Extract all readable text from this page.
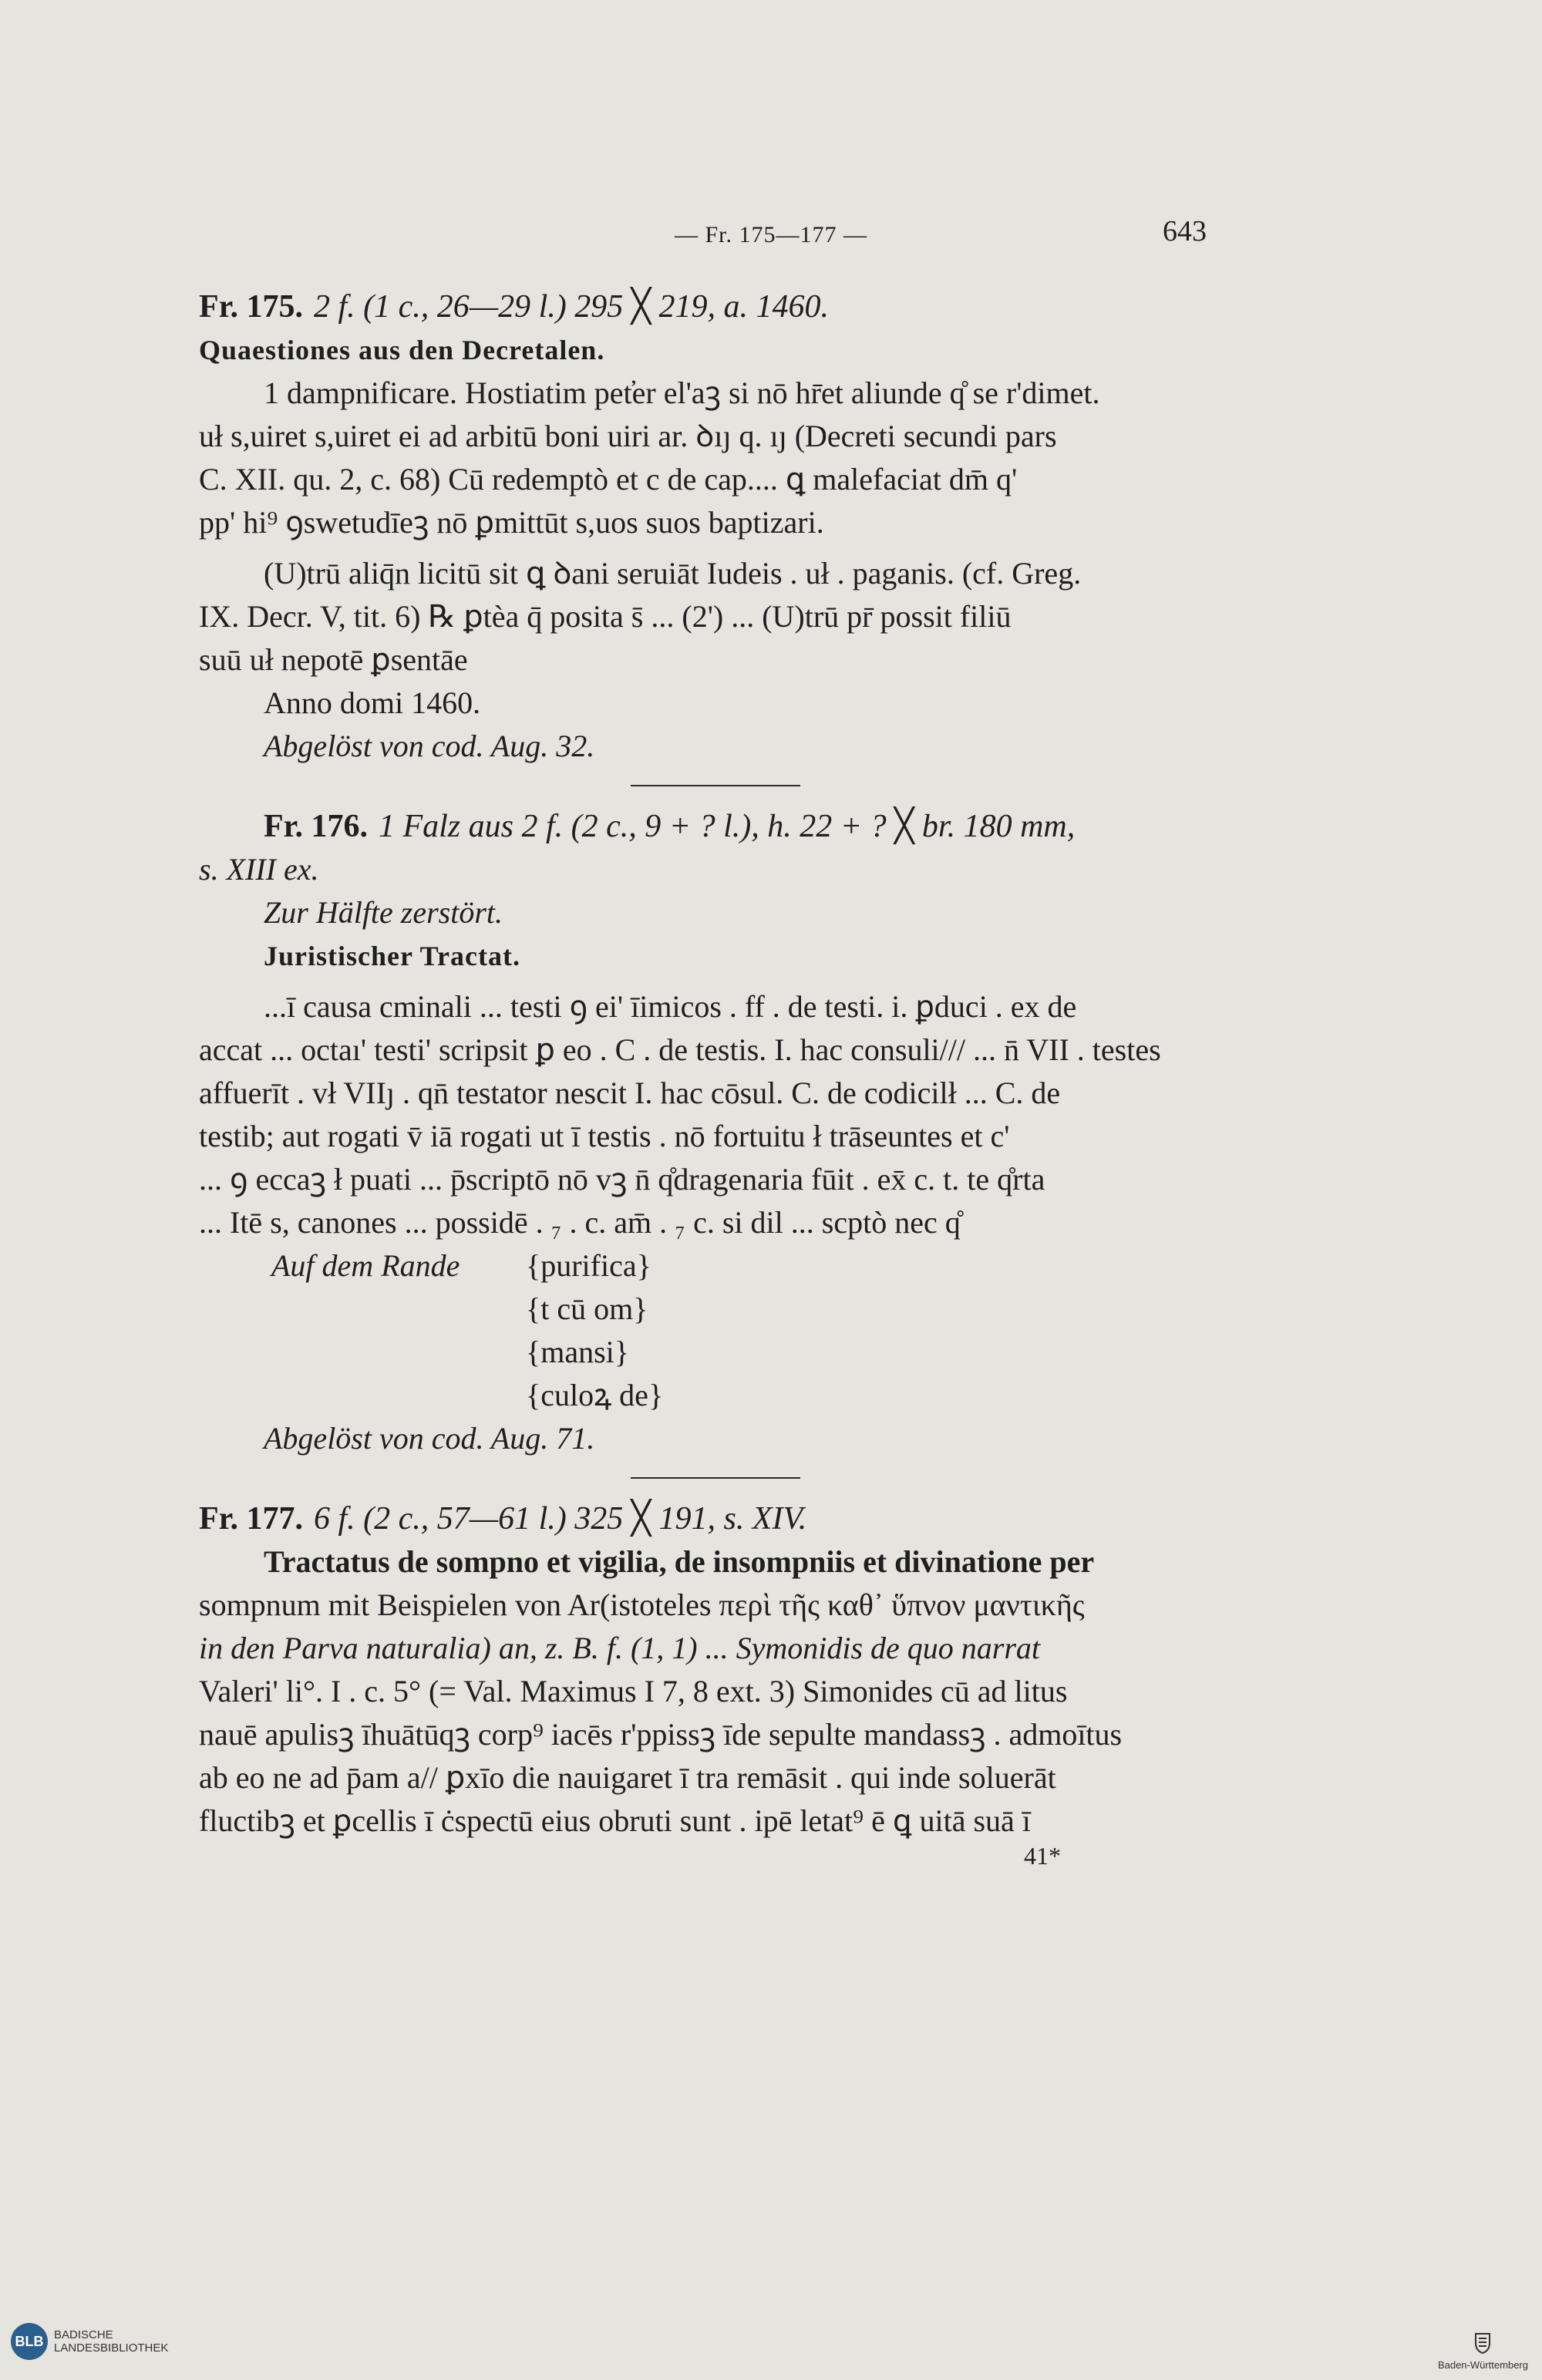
— Fr. 175—177 —	643
Fr. 175. 2 f. (1 c., 26—29 l.) 295 ╳ 219, a. 1460.
Quaestiones aus den Decretalen.
1 dampnificare. Hostiatim pet̕er el'aꝫ si nō hr̄et aliunde q̊ se r'dimet.
uł s,uiret s,uiret ei ad arbitū boni uiri ar. ꝺıȷ q. ıȷ (Decreti secundi pars
C. XII. qu. 2, c. 68) Cū redemptò et c de cap.... ꝗ malefaciat dm̄ q'
pp' hi⁹ ꝯswetudīeꝫ nō ꝑmittūt s,uos suos baptizari.
(U)trū aliq̄n licitū sit ꝗ ꝺani seruiāt Iudeis . uł . paganis. (cf. Greg.
IX. Decr. V, tit. 6) ℞ ꝑtèa q̄ posita s̄ ... (2') ... (U)trū pr̄ possit filiū
suū uł nepotē ꝑsentāe
Anno domi 1460.
Abgelöst von cod. Aug. 32.
Fr. 176. 1 Falz aus 2 f. (2 c., 9 + ? l.), h. 22 + ? ╳ br. 180 mm,
s. XIII ex.
Zur Hälfte zerstört.
Juristischer Tractat.
...ī causa cminali ... testi ꝯ ei' īimicos . ff . de testi. i. ꝑduci . ex de
accat ... octaı' testi' scripsit ꝑ eo . C . de testis. I. hac consuli/// ... n̄ VII . testes
affuerīt . vł VIIȷ . qn̄ testator nescit I. hac cōsul. C. de codicilł ... C. de
testib; aut rogati v̄ iā rogati ut ī testis . nō fortuitu ł trāseuntes et c'
... ꝯ eccaꝫ ł puati ... p̄scriptō nō vꝫ n̄ q̊dragenaria fūit . ex̄ c. t. te q̊rta
... Itē s, canones ... possidē . ₇ . c. am̄ . ₇ c. si dil ... scptò nec q̊
Auf dem Rande	{purifica}
{t cū om}
{mansi}
{culoꝝ de}
Abgelöst von cod. Aug. 71.
Fr. 177. 6 f. (2 c., 57—61 l.) 325 ╳ 191, s. XIV.
Tractatus de sompno et vigilia, de insompniis et divinatione per
sompnum mit Beispielen von Ar(istoteles περὶ τῆς καθ᾽ ὕπνον μαντικῆς
in den Parva naturalia) an, z. B. f. (1, 1) ... Symonidis de quo narrat
Valeri' li°. I . c. 5° (= Val. Maximus I 7, 8 ext. 3) Simonides cū ad litus
nauē apulisꝫ īhuātūqꝫ corp⁹ iacēs r'ppissꝫ īde sepulte mandassꝫ . admoītus
ab eo ne ad p̄am a// ꝑxīo die nauigaret ī tra remāsit . qui inde soluerāt
fluctibꝫ et ꝑcellis ī ċspectū eius obruti sunt . ipē letat⁹ ē ꝗ uitā suā ī
41*
BLB BADISCHE
LANDESBIBLIOTHEK
Baden-Württemberg
